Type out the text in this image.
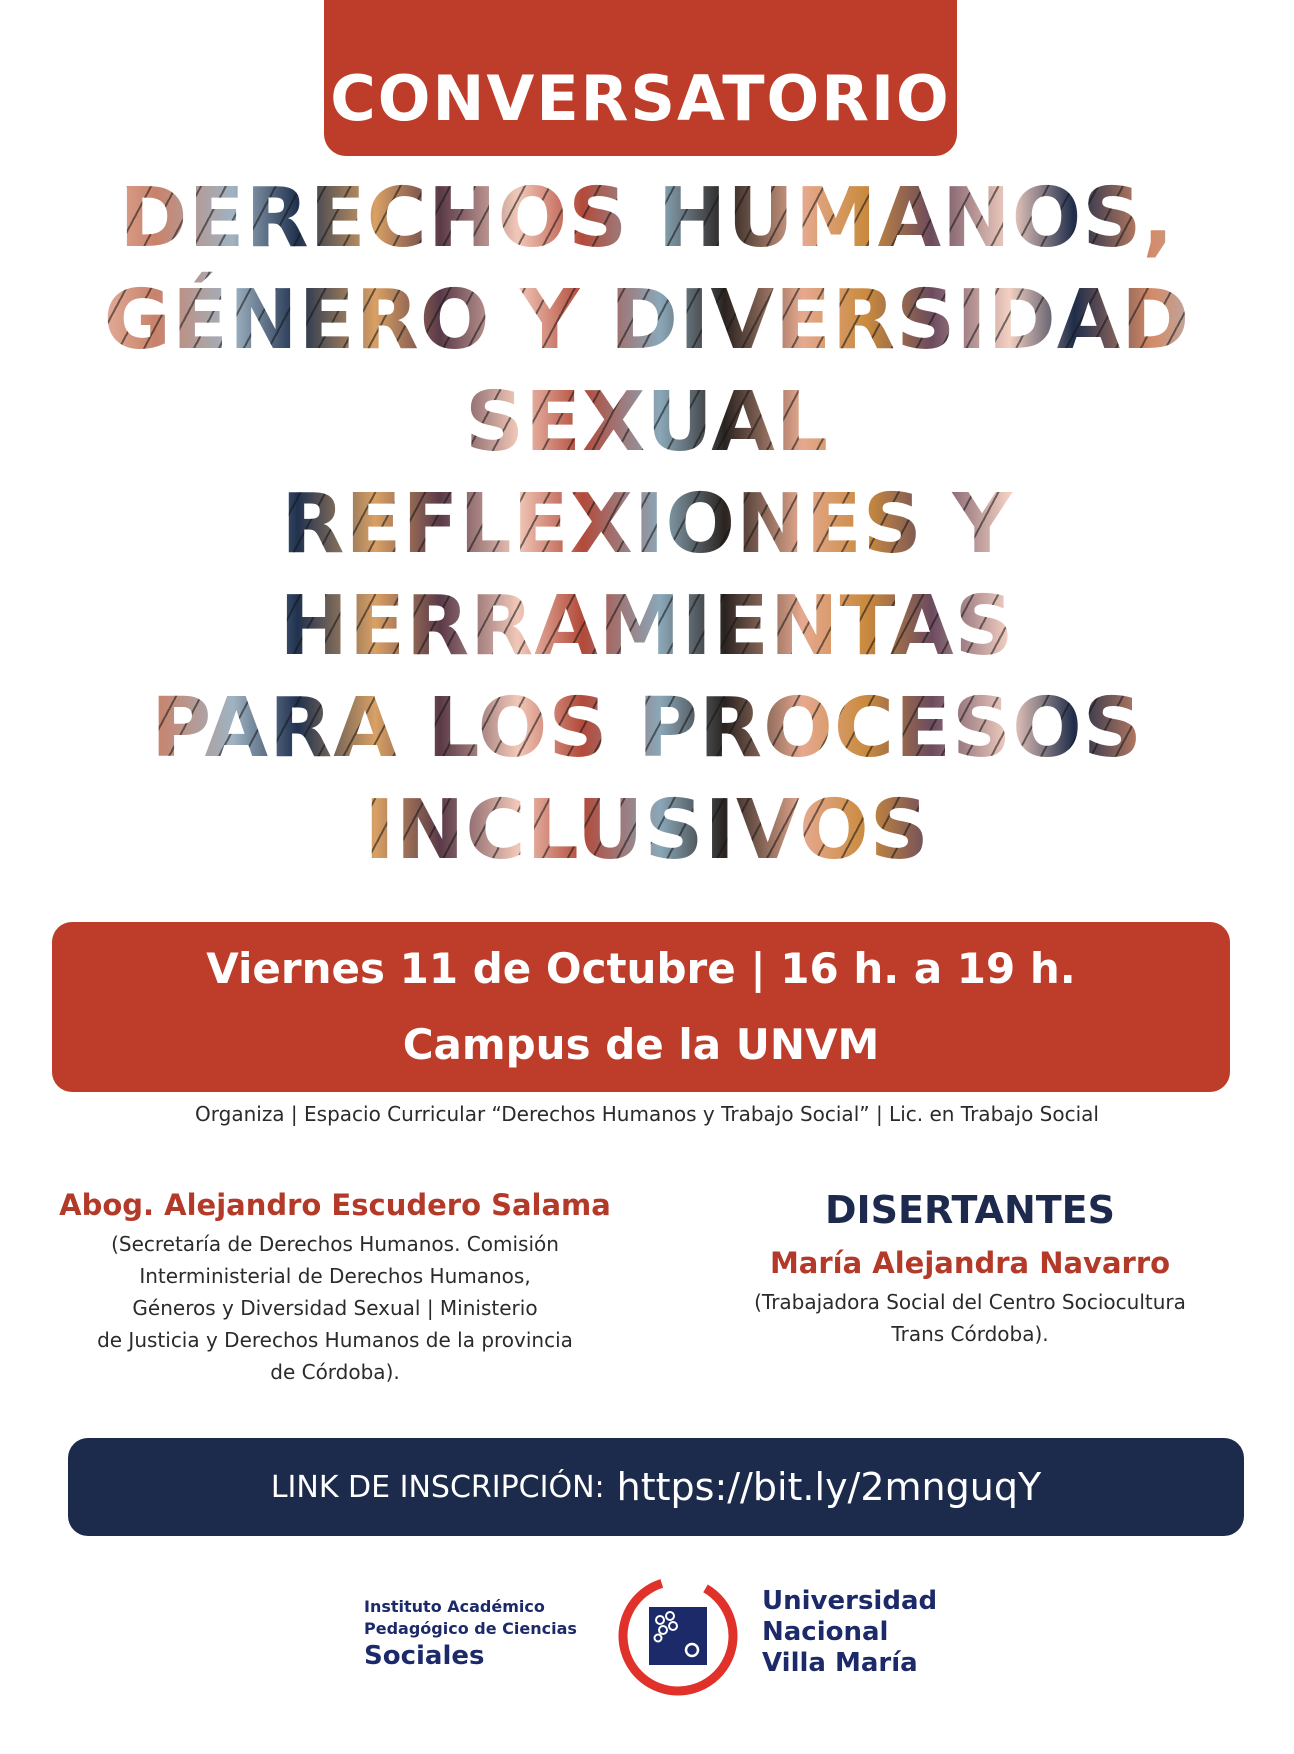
CONVERSATORIO
DERECHOS HUMANOS,
GÉNERO Y DIVERSIDAD
SEXUAL
REFLEXIONES Y
HERRAMIENTAS
PARA LOS PROCESOS
INCLUSIVOS
Viernes 11 de Octubre | 16 h. a 19 h.
Campus de la UNVM
Organiza | Espacio Curricular “Derechos Humanos y Trabajo Social” | Lic. en Trabajo Social
Abog. Alejandro Escudero Salama
(Secretaría de Derechos Humanos. Comisión
Interministerial de Derechos Humanos,
Géneros y Diversidad Sexual | Ministerio
de Justicia y Derechos Humanos de la provincia
de Córdoba).
DISERTANTES
María Alejandra Navarro
(Trabajadora Social del Centro Sociocultura
Trans Córdoba).
LINK DE INSCRIPCIÓN: https://bit.ly/2mnguqY
Instituto Académico
Pedagógico de Ciencias
Sociales
Universidad
Nacional
Villa María
